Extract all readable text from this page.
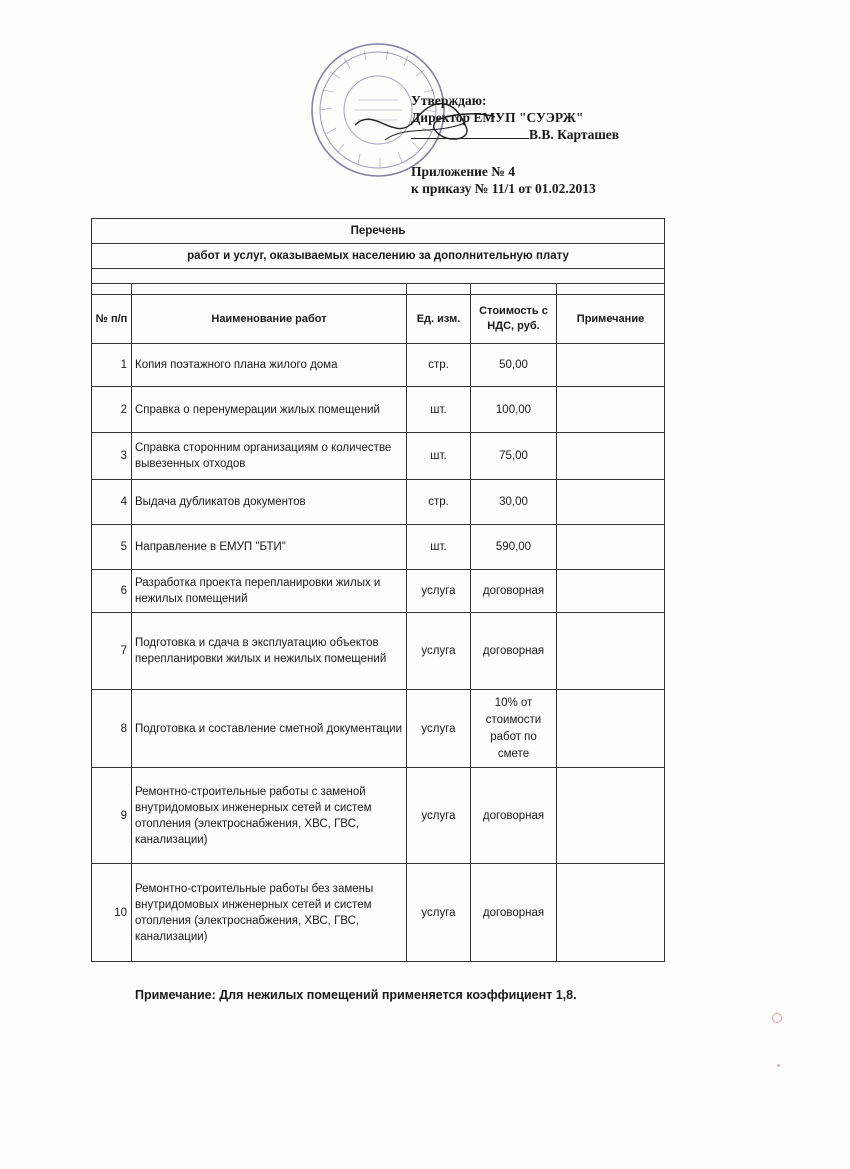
Утверждаю:
Директор ЕМУП "СУЭРЖ"
В.В. Карташев
Приложение № 4
к приказу № 11/1 от 01.02.2013
Перечень				
работ и услуг, оказываемых населению за дополнительную плату				

№ п/п	Наименование работ	Ед. изм.	Стоимость с НДС, руб.	Примечание
1	Копия поэтажного плана жилого дома	стр.	50,00	
2	Справка о перенумерации жилых помещений	шт.	100,00	
3	Справка сторонним организациям о количестве вывезенных отходов	шт.	75,00	
4	Выдача дубликатов документов	стр.	30,00	
5	Направление в ЕМУП "БТИ"	шт.	590,00	
6	Разработка проекта перепланировки жилых и нежилых помещений	услуга	договорная	
7	Подготовка и сдача в эксплуатацию объектов перепланировки жилых и нежилых помещений	услуга	договорная	
8	Подготовка и составление сметной документации	услуга	10% от стоимости работ по смете	
9	Ремонтно-строительные работы с заменой внутридомовых инженерных сетей и систем отопления (электроснабжения, ХВС, ГВС, канализации)	услуга	договорная	
10	Ремонтно-строительные работы без замены внутридомовых инженерных сетей и систем отопления (электроснабжения, ХВС, ГВС, канализации)	услуга	договорная	
Примечание: Для нежилых помещений применяется коэффициент 1,8.
